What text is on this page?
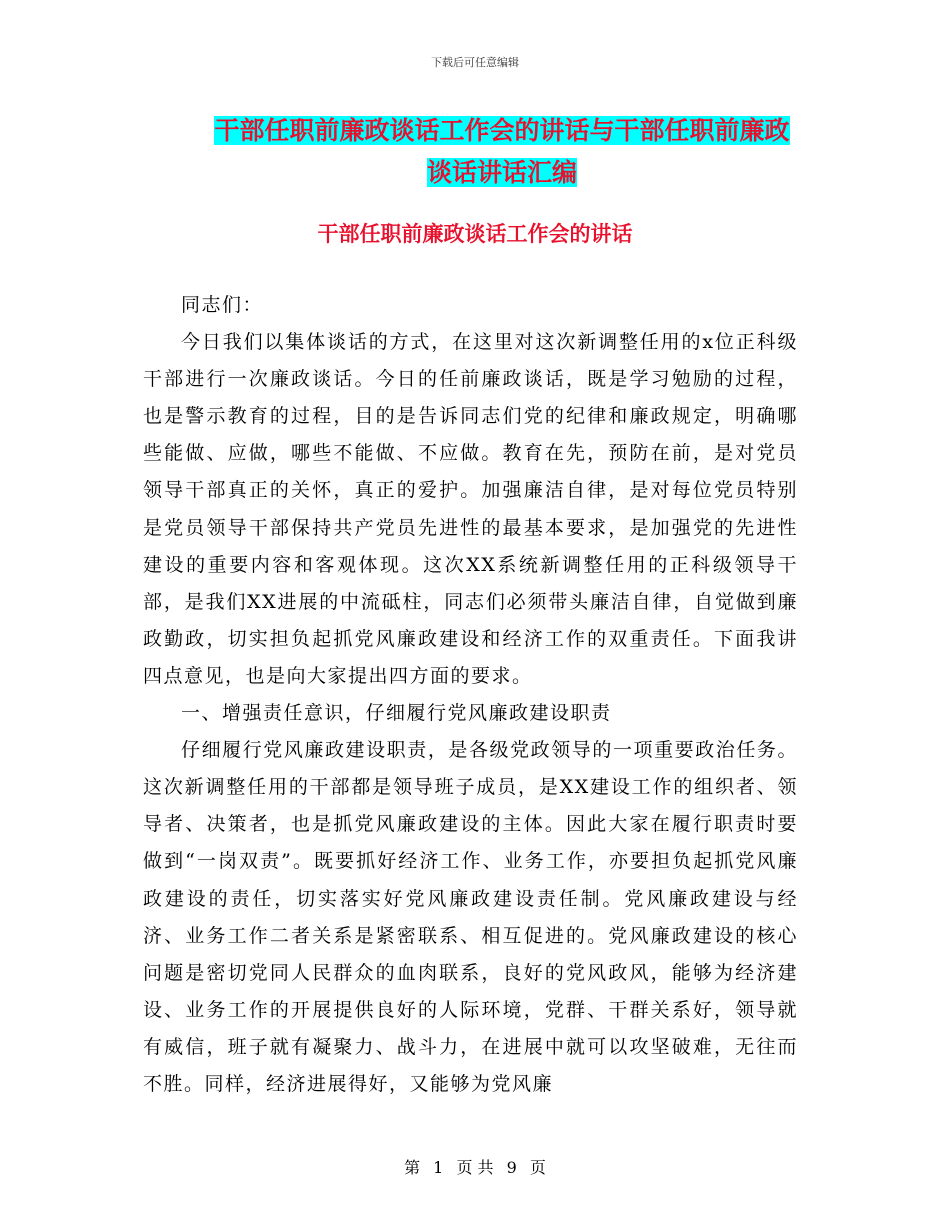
下载后可任意编辑
干部任职前廉政谈话工作会的讲话与干部任职前廉政
谈话讲话汇编
干部任职前廉政谈话工作会的讲话

同志们：

今日我们以集体谈话的方式，在这里对这次新调整任用的x位正科级干部进行一次廉政谈话。今日的任前廉政谈话，既是学习勉励的过程，也是警示教育的过程，目的是告诉同志们党的纪律和廉政规定，明确哪些能做、应做，哪些不能做、不应做。教育在先，预防在前，是对党员领导干部真正的关怀，真正的爱护。加强廉洁自律，是对每位党员特别是党员领导干部保持共产党员先进性的最基本要求，是加强党的先进性建设的重要内容和客观体现。这次XX系统新调整任用的正科级领导干部，是我们XX进展的中流砥柱，同志们必须带头廉洁自律，自觉做到廉政勤政，切实担负起抓党风廉政建设和经济工作的双重责任。下面我讲四点意见，也是向大家提出四方面的要求。

一、增强责任意识，仔细履行党风廉政建设职责

仔细履行党风廉政建设职责，是各级党政领导的一项重要政治任务。这次新调整任用的干部都是领导班子成员，是XX建设工作的组织者、领导者、决策者，也是抓党风廉政建设的主体。因此大家在履行职责时要做到“一岗双责”。既要抓好经济工作、业务工作，亦要担负起抓党风廉政建设的责任，切实落实好党风廉政建设责任制。党风廉政建设与经济、业务工作二者关系是紧密联系、相互促进的。党风廉政建设的核心问题是密切党同人民群众的血肉联系，良好的党风政风，能够为经济建设、业务工作的开展提供良好的人际环境，党群、干群关系好，领导就有威信，班子就有凝聚力、战斗力，在进展中就可以攻坚破难，无往而不胜。同样，经济进展得好，又能够为党风廉

第 1 页 共 9 页
